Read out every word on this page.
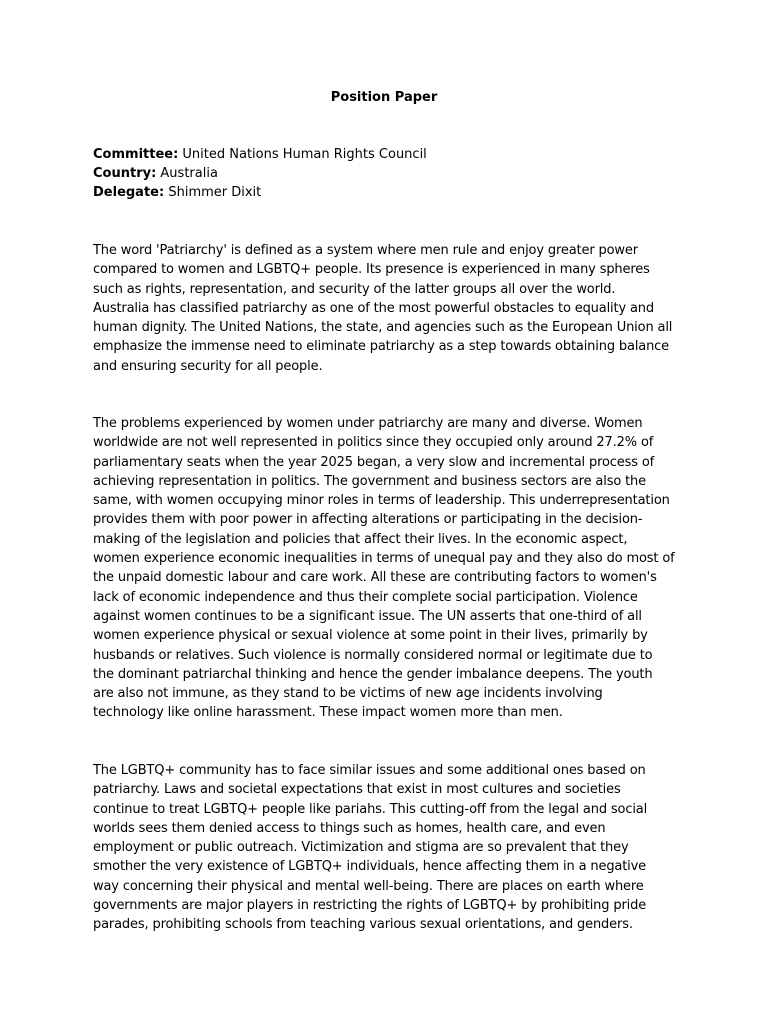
Position Paper

Committee: United Nations Human Rights Council

Country: Australia

Delegate: Shimmer Dixit

The word 'Patriarchy' is defined as a system where men rule and enjoy greater power compared to women and LGBTQ+ people. Its presence is experienced in many spheres such as rights, representation, and security of the latter groups all over the world. Australia has classified patriarchy as one of the most powerful obstacles to equality and human dignity. The United Nations, the state, and agencies such as the European Union all emphasize the immense need to eliminate patriarchy as a step towards obtaining balance and ensuring security for all people.

The problems experienced by women under patriarchy are many and diverse. Women worldwide are not well represented in politics since they occupied only around 27.2% of parliamentary seats when the year 2025 began, a very slow and incremental process of achieving representation in politics. The government and business sectors are also the same, with women occupying minor roles in terms of leadership. This underrepresentation provides them with poor power in affecting alterations or participating in the decision-making of the legislation and policies that affect their lives. In the economic aspect, women experience economic inequalities in terms of unequal pay and they also do most of the unpaid domestic labour and care work. All these are contributing factors to women's lack of economic independence and thus their complete social participation. Violence against women continues to be a significant issue. The UN asserts that one-third of all women experience physical or sexual violence at some point in their lives, primarily by husbands or relatives. Such violence is normally considered normal or legitimate due to the dominant patriarchal thinking and hence the gender imbalance deepens. The youth are also not immune, as they stand to be victims of new age incidents involving technology like online harassment. These impact women more than men.

The LGBTQ+ community has to face similar issues and some additional ones based on patriarchy. Laws and societal expectations that exist in most cultures and societies continue to treat LGBTQ+ people like pariahs. This cutting-off from the legal and social worlds sees them denied access to things such as homes, health care, and even employment or public outreach. Victimization and stigma are so prevalent that they smother the very existence of LGBTQ+ individuals, hence affecting them in a negative way concerning their physical and mental well-being. There are places on earth where governments are major players in restricting the rights of LGBTQ+ by prohibiting pride parades, prohibiting schools from teaching various sexual orientations, and genders.
